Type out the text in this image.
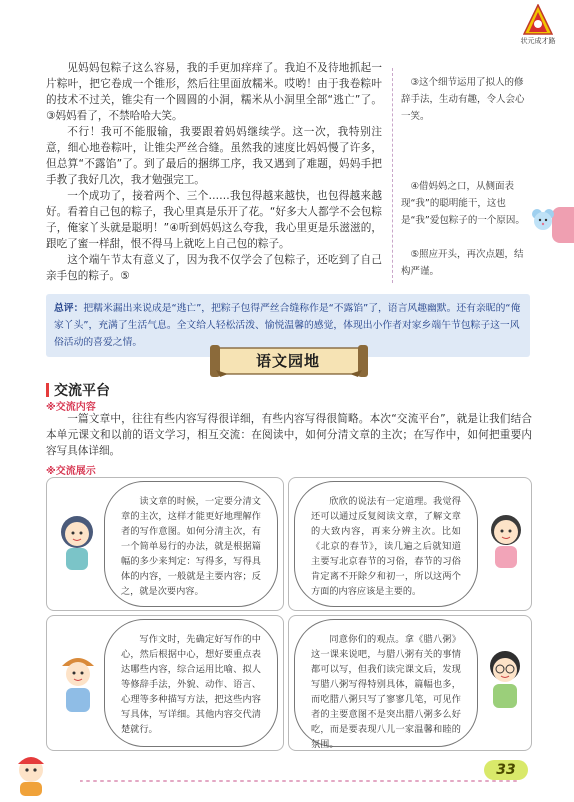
状元成才路

见妈妈包粽子这么容易，我的手更加痒痒了。我迫不及待地抓起一片粽叶，把它卷成一个锥形，然后往里面放糯米。哎哟！由于我卷粽叶的技术不过关，锥尖有一个圆圆的小洞，糯米从小洞里全部“逃亡”了。③妈妈看了，不禁哈哈大笑。

不行！我可不能服输，我要跟着妈妈继续学。这一次，我特别注意，细心地卷粽叶，让锥尖严丝合缝。虽然我的速度比妈妈慢了许多，但总算“不露馅”了。到了最后的捆绑工序，我又遇到了难题，妈妈手把手教了我好几次，我才勉强完工。

一个成功了，接着两个、三个……我包得越来越快，也包得越来越好。看着自己包的粽子，我心里真是乐开了花。“好多大人都学不会包粽子，俺家丫头就是聪明！”④听到妈妈这么夸我，我心里更是乐滋滋的，跟吃了蜜一样甜，恨不得马上就吃上自己包的粽子。

这个端午节太有意义了，因为我不仅学会了包粽子，还吃到了自己亲手包的粽子。⑤

③这个细节运用了拟人的修辞手法，生动有趣，令人会心一笑。
④借妈妈之口，从侧面表现“我”的聪明能干，这也是“我”爱包粽子的一个原因。
⑤照应开头，再次点题，结构严谨。
总评：把糯米漏出来说成是“逃亡”，把粽子包得严丝合缝称作是“不露馅”了，语言风趣幽默。还有亲昵的“俺家丫头”，充满了生活气息。全文给人轻松活泼、愉悦温馨的感觉，体现出小作者对家乡端午节包粽子这一风俗活动的喜爱之情。
语文园地
交流平台
※交流内容
一篇文章中，往往有些内容写得很详细，有些内容写得很简略。本次“交流平台”，就是让我们结合本单元课文和以前的语文学习，相互交流：在阅读中，如何分清文章的主次；在写作中，如何把重要内容写具体详细。
※交流展示
读文章的时候，一定要分清文章的主次，这样才能更好地理解作者的写作意图。如何分清主次，有一个简单易行的办法，就是根据篇幅的多少来判定：写得多，写得具体的内容，一般就是主要内容；反之，就是次要内容。
欣欣的说法有一定道理。我觉得还可以通过反复阅读文章，了解文章的大致内容，再来分辨主次。比如《北京的春节》，读几遍之后就知道主要写北京春节的习俗，春节的习俗肯定离不开除夕和初一，所以这两个方面的内容应该是主要的。
写作文时，先确定好写作的中心，然后根据中心，想好要重点表达哪些内容，综合运用比喻、拟人等修辞手法，外貌、动作、语言、心理等多种描写方法，把这些内容写具体，写详细。其他内容交代清楚就行。
同意你们的观点。拿《腊八粥》这一课来说吧，与腊八粥有关的事情都可以写，但我们读完课文后，发现写腊八粥写得特别具体，篇幅也多，而吃腊八粥只写了寥寥几笔，可见作者的主要意图不是突出腊八粥多么好吃，而是要表现八儿一家温馨和睦的氛围。
33
